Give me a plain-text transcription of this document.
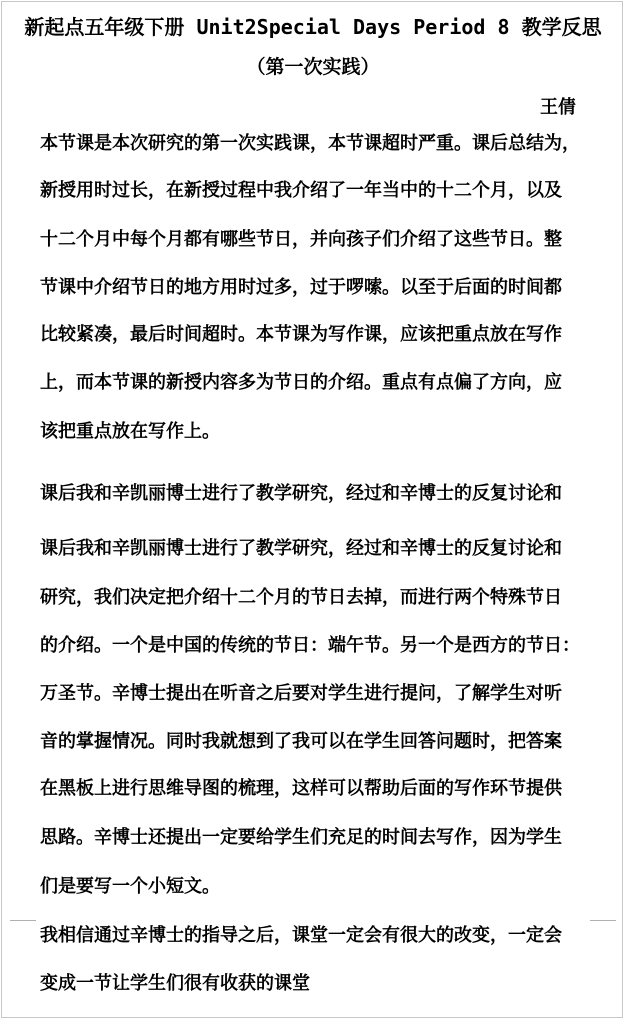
新起点五年级下册 Unit2Special Days Period 8 教学反思
（第一次实践）
王倩
本节课是本次研究的第一次实践课，本节课超时严重。课后总结为，
新授用时过长，在新授过程中我介绍了一年当中的十二个月，以及
十二个月中每个月都有哪些节日，并向孩子们介绍了这些节日。整
节课中介绍节日的地方用时过多，过于啰嗦。以至于后面的时间都
比较紧凑，最后时间超时。本节课为写作课，应该把重点放在写作
上，而本节课的新授内容多为节日的介绍。重点有点偏了方向，应
该把重点放在写作上。
课后我和辛凯丽博士进行了教学研究，经过和辛博士的反复讨论和
课后我和辛凯丽博士进行了教学研究，经过和辛博士的反复讨论和
研究，我们决定把介绍十二个月的节日去掉，而进行两个特殊节日
的介绍。一个是中国的传统的节日：端午节。另一个是西方的节日：
万圣节。辛博士提出在听音之后要对学生进行提问，了解学生对听
音的掌握情况。同时我就想到了我可以在学生回答问题时，把答案
在黑板上进行思维导图的梳理，这样可以帮助后面的写作环节提供
思路。辛博士还提出一定要给学生们充足的时间去写作，因为学生
们是要写一个小短文。
我相信通过辛博士的指导之后，课堂一定会有很大的改变，一定会
变成一节让学生们很有收获的课堂
